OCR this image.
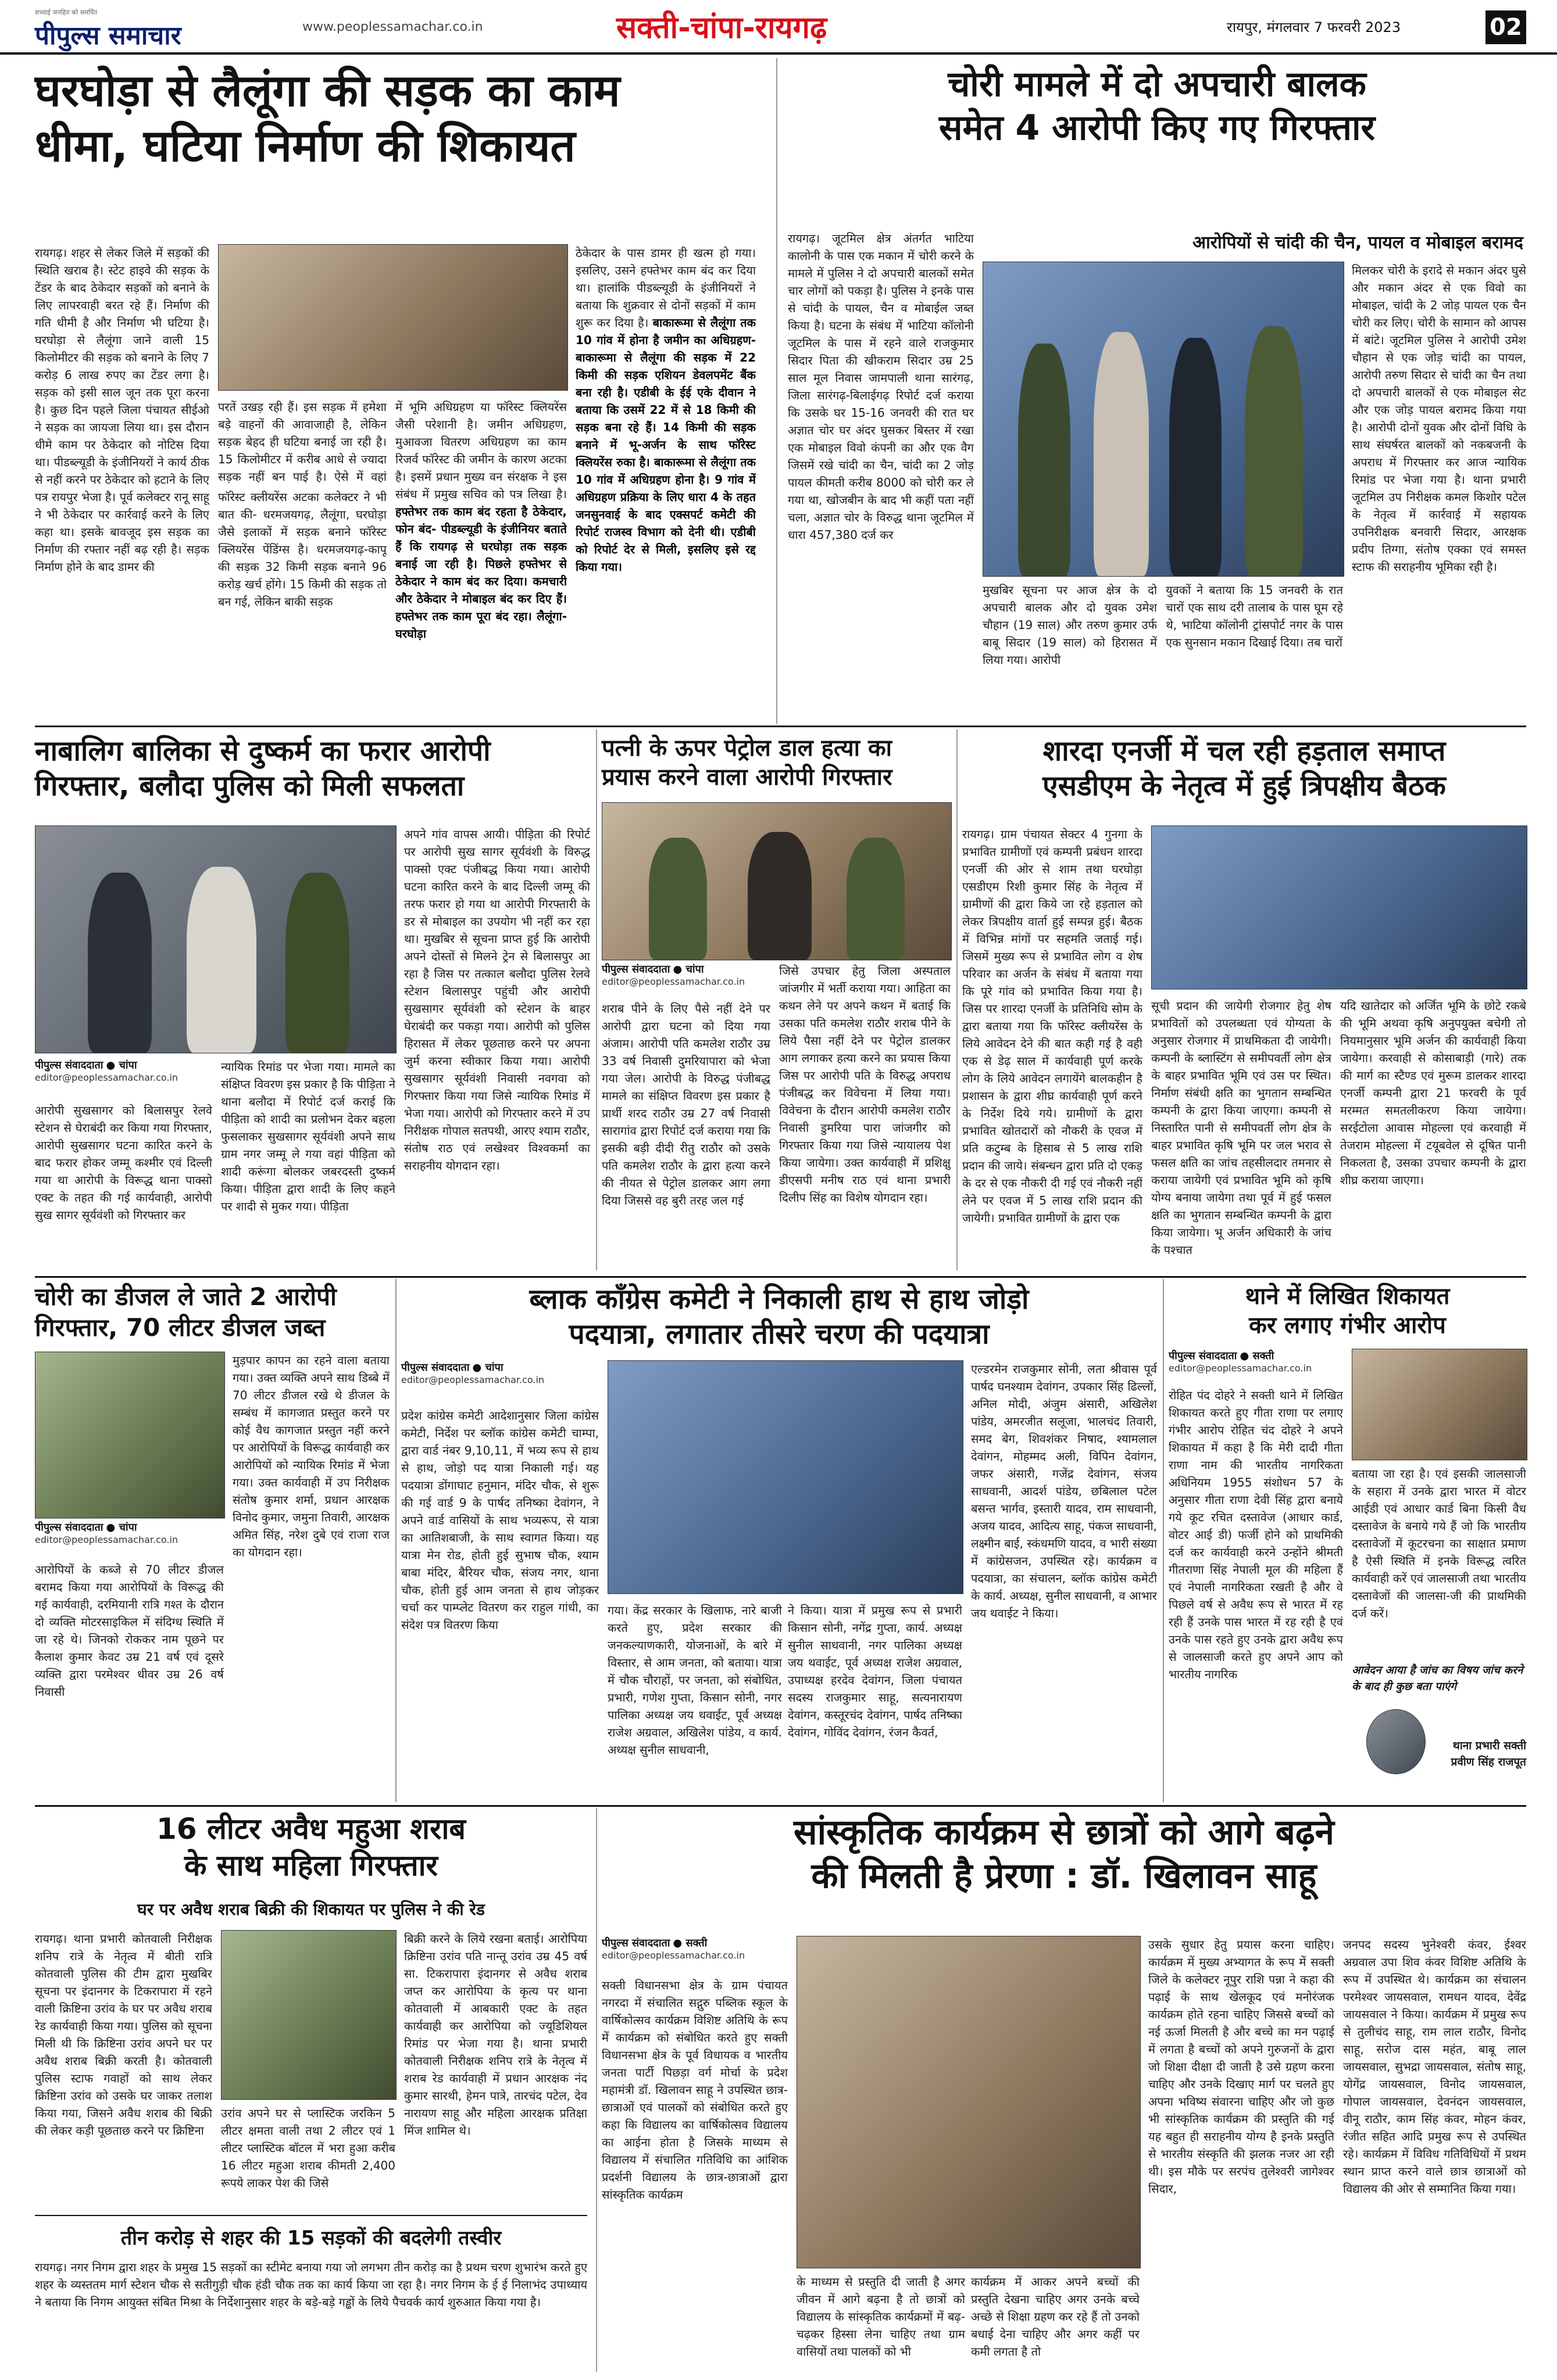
सच्चाई जनहित को समर्पित
पीपुल्स समाचार	www.peoplessamachar.co.in	सक्ती-चांपा-रायगढ़	रायपुर, मंगलवार 7 फरवरी 2023	02
घरघोड़ा से लैलूंगा की सड़क का काम
धीमा, घटिया निर्माण की शिकायत
रायगढ़। शहर से लेकर जिले में सड़कों की स्थिति खराब है। स्टेट हाइवे की सड़क के टेंडर के बाद ठेकेदार सड़कों को बनाने के लिए लापरवाही बरत रहे हैं। निर्माण की गति धीमी है और निर्माण भी घटिया है। घरघोड़ा से लैलूंगा जाने वाली 15 किलोमीटर की सड़क को बनाने के लिए 7 करोड़ 6 लाख रुपए का टेंडर लगा है। सड़क को इसी साल जून तक पूरा करना है। कुछ दिन पहले जिला पंचायत सीईओ ने सड़क का जायजा लिया था। इस दौरान धीमे काम पर ठेकेदार को नोटिस दिया था। पीडब्ल्यूडी के इंजीनियरों ने कार्य ठीक से नहीं करने पर ठेकेदार को हटाने के लिए पत्र रायपुर भेजा है। पूर्व कलेक्टर रानू साहू ने भी ठेकेदार पर कार्रवाई करने के लिए कहा था। इसके बावजूद इस सड़क का निर्माण की रफ्तार नहीं बढ़ रही है। सड़क निर्माण होने के बाद डामर की
परतें उखड़ रही हैं। इस सड़क में हमेशा बड़े वाहनों की आवाजाही है, लेकिन सड़क बेहद ही घटिया बनाई जा रही है। 15 किलोमीटर में करीब आधे से ज्यादा सड़क नहीं बन पाई है। ऐसे में वहां
फॉरेस्ट क्लीयरेंस अटका कलेक्टर ने भी बात की- धरमजयगढ़, लैलूंगा, घरघोड़ा जैसे इलाकों में सड़क बनाने फॉरेस्ट क्लियरेंस पेंडिंग्स है। धरमजयगढ़-कापू की सड़क 32 किमी सड़क बनाने 96 करोड़ खर्च होंगे। 15 किमी की सड़क तो बन गई, लेकिन बाकी सड़क
में भूमि अधिग्रहण या फॉरेस्ट क्लियरेंस जैसी परेशानी है। जमीन अधिग्रहण, मुआवजा वितरण अधिग्रहण का काम रिजर्व फॉरेस्ट की जमीन के कारण अटका है। इसमें प्रधान मुख्य वन संरक्षक ने इस संबंध में प्रमुख सचिव को पत्र लिखा है। हफ्तेभर तक काम बंद रहता है ठेकेदार, फोन बंद- पीडब्ल्यूडी के इंजीनियर बताते हैं कि रायगढ़ से घरघोड़ा तक सड़क बनाई जा रही है। पिछले हफ्तेभर से ठेकेदार ने काम बंद कर दिया। कमचारी और ठेकेदार ने मोबाइल बंद कर दिए हैं। हफ्तेभर तक काम पूरा बंद रहा। लैलूंगा-घरघोड़ा
ठेकेदार के पास डामर ही खत्म हो गया। इसलिए, उसने हफ्तेभर काम बंद कर दिया था। हालांकि पीडब्ल्यूडी के इंजीनियरों ने बताया कि शुक्रवार से दोनों सड़कों में काम शुरू कर दिया है। बाकारूमा से लैलूंगा तक 10 गांव में होना है जमीन का अधिग्रहण- बाकारूमा से लैलूंगा की सड़क में 22 किमी की सड़क एशियन डेवलपमेंट बैंक बना रही है। एडीबी के ईई एके दीवान ने बताया कि उसमें 22 में से 18 किमी की सड़क बना रहे हैं। 14 किमी की सड़क बनाने में भू-अर्जन के साथ फॉरेस्ट क्लियरेंस रुका है। बाकारूमा से लैलूंगा तक 10 गांव में अधिग्रहण होना है। 9 गांव में अधिग्रहण प्रक्रिया के लिए धारा 4 के तहत जनसुनवाई के बाद एक्सपर्ट कमेटी की रिपोर्ट राजस्व विभाग को देनी थी। एडीबी को रिपोर्ट देर से मिली, इसलिए इसे रद्द किया गया।
चोरी मामले में दो अपचारी बालक
समेत 4 आरोपी किए गए गिरफ्तार
आरोपियों से चांदी की चैन, पायल व मोबाइल बरामद
रायगढ़। जूटमिल क्षेत्र अंतर्गत भाटिया कालोनी के पास एक मकान में चोरी करने के मामले में पुलिस ने दो अपचारी बालकों समेत चार लोगों को पकड़ा है। पुलिस ने इनके पास से चांदी के पायल, चैन व मोबाईल जब्त किया है। घटना के संबंध में भाटिया कॉलोनी जूटमिल के पास में रहने वाले राजकुमार सिदार पिता की खीकराम सिदार उम्र 25 साल मूल निवास जामपाली थाना सारंगढ़, जिला सारंगढ़-बिलाईगढ़ रिपोर्ट दर्ज कराया कि उसके घर 15-16 जनवरी की रात घर अज्ञात चोर घर अंदर घुसकर बिस्तर में रखा एक मोबाइल विवो कंपनी का और एक वैग जिसमें रखे चांदी का चैन, चांदी का 2 जोड़ पायल कीमती करीब 8000 को चोरी कर ले गया था, खोजबीन के बाद भी कहीं पता नहीं चला, अज्ञात चोर के विरुद्ध थाना जूटमिल में धारा 457,380 दर्ज कर
मुखबिर सूचना पर आज क्षेत्र के दो अपचारी बालक और दो युवक उमेश चौहान (19 साल) और तरुण कुमार उर्फ बाबू सिदार (19 साल) को हिरासत में लिया गया। आरोपी
युवकों ने बताया कि 15 जनवरी के रात चारों एक साथ दरी तालाब के पास घूम रहे थे, भाटिया कॉलोनी ट्रांसपोर्ट नगर के पास एक सुनसान मकान दिखाई दिया। तब चारों
मिलकर चोरी के इरादे से मकान अंदर घुसे और मकान अंदर से एक विवो का मोबाइल, चांदी के 2 जोड़ पायल एक चैन चोरी कर लिए। चोरी के सामान को आपस में बांटे। जूटमिल पुलिस ने आरोपी उमेश चौहान से एक जोड़ चांदी का पायल, आरोपी तरुण सिदार से चांदी का चैन तथा दो अपचारी बालकों से एक मोबाइल सेट और एक जोड़ पायल बरामद किया गया है। आरोपी दोनों युवक और दोनों विधि के साथ संघर्षरत बालकों को नकबजनी के अपराध में गिरफ्तार कर आज न्यायिक रिमांड पर भेजा गया है। थाना प्रभारी जूटमिल उप निरीक्षक कमल किशोर पटेल के नेतृत्व में कार्रवाई में सहायक उपनिरीक्षक बनवारी सिदार, आरक्षक प्रदीप तिग्गा, संतोष एक्का एवं समस्त स्टाफ की सराहनीय भूमिका रही है।
नाबालिग बालिका से दुष्कर्म का फरार आरोपी
गिरफ्तार, बलौदा पुलिस को मिली सफलता
पीपुल्स संवाददाता ● चांपा
editor@peoplessamachar.co.in
आरोपी सुखसागर को बिलासपुर रेलवे स्टेशन से घेराबंदी कर किया गया गिरफ्तार, आरोपी सुखसागर घटना कारित करने के बाद फरार होकर जम्मू कश्मीर एवं दिल्ली गया था आरोपी के विरूद्ध थाना पाक्सो एक्ट के तहत की गई कार्यवाही, आरोपी सुख सागर सूर्यवंशी को गिरफ्तार कर
न्यायिक रिमांड पर भेजा गया। मामले का संक्षिप्त विवरण इस प्रकार है कि पीड़िता ने थाना बलौदा में रिपोर्ट दर्ज कराई कि पीड़िता को शादी का प्रलोभन देकर बहला फुसलाकर सुखसागर सूर्यवंशी अपने साथ ग्राम नगर जम्मू ले गया वहां पीड़िता को शादी करूंगा बोलकर जबरदस्ती दुष्कर्म किया। पीड़िता द्वारा शादी के लिए कहने पर शादी से मुकर गया। पीड़िता
अपने गांव वापस आयी। पीड़िता की रिपोर्ट पर आरोपी सुख सागर सूर्यवंशी के विरुद्ध पाक्सो एक्ट पंजीबद्ध किया गया। आरोपी घटना कारित करने के बाद दिल्ली जम्मू की तरफ फरार हो गया था आरोपी गिरफ्तारी के डर से मोबाइल का उपयोग भी नहीं कर रहा था। मुखबिर से सूचना प्राप्त हुई कि आरोपी अपने दोस्तों से मिलने ट्रेन से बिलासपुर आ रहा है जिस पर तत्काल बलौदा पुलिस रेलवे स्टेशन बिलासपुर पहुंची और आरोपी सुखसागर सूर्यवंशी को स्टेशन के बाहर घेराबंदी कर पकड़ा गया। आरोपी को पुलिस हिरासत में लेकर पूछताछ करने पर अपना जुर्म करना स्वीकार किया गया। आरोपी सुखसागर सूर्यवंशी निवासी नवगवा को गिरफ्तार किया गया जिसे न्यायिक रिमांड में भेजा गया। आरोपी को गिरफ्तार करने में उप निरीक्षक गोपाल सतपथी, आरए श्याम राठौर, संतोष राठ एवं लखेश्वर विश्वकर्मा का सराहनीय योगदान रहा।
पत्नी के ऊपर पेट्रोल डाल हत्या का
प्रयास करने वाला आरोपी गिरफ्तार
पीपुल्स संवाददाता ● चांपा
editor@peoplessamachar.co.in
शराब पीने के लिए पैसे नहीं देने पर आरोपी द्वारा घटना को दिया गया अंजाम। आरोपी पति कमलेश राठौर उम्र 33 वर्ष निवासी दुमरियापारा को भेजा गया जेल। आरोपी के विरुद्ध पंजीबद्ध मामले का संक्षिप्त विवरण इस प्रकार है प्रार्थी शरद राठौर उम्र 27 वर्ष निवासी सारागांव द्वारा रिपोर्ट दर्ज कराया गया कि इसकी बड़ी दीदी रीतु राठौर को उसके पति कमलेश राठौर के द्वारा हत्या करने की नीयत से पेट्रोल डालकर आग लगा दिया जिससे वह बुरी तरह जल गई
जिसे उपचार हेतु जिला अस्पताल जांजगीर में भर्ती कराया गया। आहिता का कथन लेने पर अपने कथन में बताई कि उसका पति कमलेश राठौर शराब पीने के लिये पैसा नहीं देने पर पेट्रोल डालकर आग लगाकर हत्या करने का प्रयास किया जिस पर आरोपी पति के विरुद्ध अपराध पंजीबद्ध कर विवेचना में लिया गया। विवेचना के दौरान आरोपी कमलेश राठौर निवासी डुमरिया पारा जांजगीर को गिरफ्तार किया गया जिसे न्यायालय पेश किया जायेगा। उक्त कार्यवाही में प्रशिक्षु डीएसपी मनीष राठ एवं थाना प्रभारी दिलीप सिंह का विशेष योगदान रहा।
शारदा एनर्जी में चल रही हड़ताल समाप्त
एसडीएम के नेतृत्व में हुई त्रिपक्षीय बैठक
रायगढ़। ग्राम पंचायत सेक्टर 4 गुनगा के प्रभावित ग्रामीणों एवं कम्पनी प्रबंधन शारदा एनर्जी की ओर से शाम तथा घरघोड़ा एसडीएम रिशी कुमार सिंह के नेतृत्व में ग्रामीणों की द्वारा किये जा रहे हड़ताल को लेकर त्रिपक्षीय वार्ता हुई सम्पन्न हुई। बैठक में विभिन्न मांगों पर सहमति जताई गई। जिसमें मुख्य रूप से प्रभावित लोग व शेष परिवार का अर्जन के संबंध में बताया गया कि पूरे गांव को प्रभावित किया गया है। जिस पर शारदा एनर्जी के प्रतिनिधि सोम के द्वारा बताया गया कि फॉरेस्ट क्लीयरेंस के लिये आवेदन देने की बात कही गई है वही एक से डेढ़ साल में कार्यवाही पूर्ण करके लोग के लिये आवेदन लगायेंगे बालकहीन है प्रशासन के द्वारा शीघ्र कार्यवाही पूर्ण करने के निर्देश दिये गये। ग्रामीणों के द्वारा प्रभावित खोतदारों को नौकरी के एवज में प्रति कटुम्ब के हिसाब से 5 लाख राशि प्रदान की जाये। संबन्धन द्वारा प्रति दो एकड़ के दर से एक नौकरी दी गई एवं नौकरी नहीं लेने पर एवज में 5 लाख राशि प्रदान की जायेगी। प्रभावित ग्रामीणों के द्वारा एक
सूची प्रदान की जायेगी रोजगार हेतु शेष प्रभावितों को उपलब्धता एवं योग्यता के अनुसार रोजगार में प्राथमिकता दी जायेगी। कम्पनी के ब्लास्टिंग से समीपवर्ती लोग क्षेत्र के बाहर प्रभावित भूमि एवं उस पर स्थित। निर्माण संबंधी क्षति का भुगतान सम्बन्धित कम्पनी के द्वारा किया जाएगा। कम्पनी से निस्तारित पानी से समीपवर्ती लोग क्षेत्र के बाहर प्रभावित कृषि भूमि पर जल भराव से फसल क्षति का जांच तहसीलदार तमनार से कराया जायेगी एवं प्रभावित भूमि को कृषि योग्य बनाया जायेगा तथा पूर्व में हुई फसल क्षति का भुगतान सम्बन्धित कम्पनी के द्वारा किया जायेगा। भू अर्जन अधिकारी के जांच के पश्चात
यदि खातेदार को अर्जित भूमि के छोटे रकबे की भूमि अथवा कृषि अनुपयुक्त बचेगी तो नियमानुसार भूमि अर्जन की कार्यवाही किया जायेगा। करवाही से कोसाबाड़ी (गारे) तक की मार्ग का स्टैण्ड एवं मुरूम डालकर शारदा एनर्जी कम्पनी द्वारा 21 फरवरी के पूर्व मरम्मत समतलीकरण किया जायेगा। सरईटोला आवास मोहल्ला एवं करवाही में तेजराम मोहल्ला में टयूबवेल से दूषित पानी निकलता है, उसका उपचार कम्पनी के द्वारा शीघ्र कराया जाएगा।
चोरी का डीजल ले जाते 2 आरोपी
गिरफ्तार, 70 लीटर डीजल जब्त
पीपुल्स संवाददाता ● चांपा
editor@peoplessamachar.co.in
आरोपियों के कब्जे से 70 लीटर डीजल बरामद किया गया आरोपियों के विरूद्ध की गई कार्यवाही, दरमियानी रात्रि गश्त के दौरान दो व्यक्ति मोटरसाइकिल में संदिग्ध स्थिति में जा रहे थे। जिनको रोककर नाम पूछने पर कैलाश कुमार केवट उम्र 21 वर्ष एवं दूसरे व्यक्ति द्वारा परमेश्वर धीवर उम्र 26 वर्ष निवासी
मुड़पार कापन का रहने वाला बताया गया। उक्त व्यक्ति अपने साथ डिब्बे में 70 लीटर डीजल रखे थे डीजल के सम्बंध में कागजात प्रस्तुत करने पर कोई वैध कागजात प्रस्तुत नहीं करने पर आरोपियों के विरूद्ध कार्यवाही कर आरोपियों को न्यायिक रिमांड में भेजा गया। उक्त कार्यवाही में उप निरीक्षक संतोष कुमार शर्मा, प्रधान आरक्षक विनोद कुमार, जमुना तिवारी, आरक्षक अमित सिंह, नरेश दुबे एवं राजा राज का योगदान रहा।
ब्लाक कॉंग्रेस कमेटी ने निकाली हाथ से हाथ जोड़ो
पदयात्रा, लगातार तीसरे चरण की पदयात्रा
पीपुल्स संवाददाता ● चांपा
editor@peoplessamachar.co.in
प्रदेश कांग्रेस कमेटी आदेशानुसार जिला कांग्रेस कमेटी, निर्देश पर ब्लॉक कांग्रेस कमेटी चाम्पा, द्वारा वार्ड नंबर 9,10,11, में भव्य रूप से हाथ से हाथ, जोड़ो पद यात्रा निकाली गई। यह पदयात्रा डोंगाघाट हनुमान, मंदिर चौक, से शुरू की गई वार्ड 9 के पार्षद तनिष्का देवांगन, ने अपने वार्ड वासियों के साथ भव्यरूप, से यात्रा का आतिशबाजी, के साथ स्वागत किया। यह यात्रा मेन रोड, होती हुई सुभाष चौक, श्याम बाबा मंदिर, बैरियर चौक, संजय नगर, थाना चौक, होती हुई आम जनता से हाथ जोड़कर चर्चा कर पाम्प्लेट वितरण कर राहुल गांधी, का संदेश पत्र वितरण किया
गया। केंद्र सरकार के खिलाफ, नारे बाजी करते हुए, प्रदेश सरकार की जनकल्याणकारी, योजनाओं, के बारे में विस्तार, से आम जनता, को बताया। यात्रा में चौक चौराहों, पर जनता, को संबोधित, प्रभारी, गणेश गुप्ता, किसान सोनी, नगर पालिका अध्यक्ष जय थवाईट, पूर्व अध्यक्ष राजेश अग्रवाल, अखिलेश पांडेय, व कार्य. अध्यक्ष सुनील साधवानी,
ने किया। यात्रा में प्रमुख रूप से प्रभारी किसान सोनी, नगेंद्र गुप्ता, कार्य. अध्यक्ष सुनील साधवानी, नगर पालिका अध्यक्ष जय थवाईट, पूर्व अध्यक्ष राजेश अग्रवाल, उपाध्यक्ष हरदेव देवांगन, जिला पंचायत सदस्य राजकुमार साहू, सत्यनारायण देवांगन, कस्तूरचंद देवांगन, पार्षद तनिष्का देवांगन, गोविंद देवांगन, रंजन कैवर्त,
एल्डरमेन राजकुमार सोनी, लता श्रीवास पूर्व पार्षद घनश्याम देवांगन, उपकार सिंह ढिल्लों, अनिल मोदी, अंजुम अंसारी, अखिलेश पांडेय, अमरजीत सलूजा, भालचंद तिवारी, समद बेग, शिवशंकर निषाद, श्यामलाल देवांगन, मोहम्मद अली, विपिन देवांगन, जफर अंसारी, गजेंद्र देवांगन, संजय साधवानी, आदर्श पांडेय, छबिलाल पटेल बसन्त भार्गव, इस्तारी यादव, राम साधवानी, अजय यादव, आदित्य साहू, पंकज साधवानी, लक्ष्मीन बाई, स्कंधमणि यादव, व भारी संख्या में कांग्रेसजन, उपस्थित रहे। कार्यक्रम व पदयात्रा, का संचालन, ब्लॉक कांग्रेस कमेटी के कार्य. अध्यक्ष, सुनील साधवानी, व आभार जय थवाईट ने किया।
थाने में लिखित शिकायत
कर लगाए गंभीर आरोप
पीपुल्स संवाददाता ● सक्ती
editor@peoplessamachar.co.in
रोहित पंद दोहरे ने सक्ती थाने में लिखित शिकायत करते हुए गीता राणा पर लगाए गंभीर आरोप रोहित चंद दोहरे ने अपने शिकायत में कहा है कि मेरी दादी गीता राणा नाम की भारतीय नागरिकता अधिनियम 1955 संशोधन 57 के अनुसार गीता राणा देवी सिंह द्वारा बनाये गये कूट रचित दस्तावेज (आधार कार्ड, वोटर आई डी) फर्जी होने को प्राथमिकी दर्ज कर कार्यवाही करने उन्होंने श्रीमती गीतराणा सिंह नेपाली मूल की महिला हैं एवं नेपाली नागरिकता रखती है और वे पिछले वर्ष से अवैध रूप से भारत में रह रही हैं उनके पास भारत में रह रही है एवं उनके पास रहते हुए उनके द्वारा अवैध रूप से जालसाजी करते हुए अपने आप को भारतीय नागरिक
बताया जा रहा है। एवं इसकी जालसाजी के सहारा में उनके द्वारा भारत में वोटर आईडी एवं आधार कार्ड बिना किसी वैध दस्तावेज के बनाये गये हैं जो कि भारतीय दस्तावेजों में कूटरचना का साक्षात प्रमाण है ऐसी स्थिति में इनके विरूद्ध त्वरित कार्यवाही करें एवं जालसाजी तथा भारतीय दस्तावेजों की जालसा-जी की प्राथमिकी दर्ज करें।
आवेदन आया है जांच का विषय जांच करने के बाद ही कुछ बता पाएंगे
थाना प्रभारी सक्ती
प्रवीण सिंह राजपूत
16 लीटर अवैध महुआ शराब
के साथ महिला गिरफ्तार
घर पर अवैध शराब बिक्री की शिकायत पर पुलिस ने की रेड
रायगढ़। थाना प्रभारी कोतवाली निरीक्षक शनिप रात्रे के नेतृत्व में बीती रात्रि कोतवाली पुलिस की टीम द्वारा मुखबिर सूचना पर इंदानगर के टिकरापारा में रहने वाली क्रिष्टिना उरांव के घर पर अवैध शराब रेड कार्यवाही किया गया। पुलिस को सूचना मिली थी कि क्रिष्टिना उरांव अपने घर पर अवैध शराब बिक्री करती है। कोतवाली पुलिस स्टाफ गवाहों को साथ लेकर क्रिष्टिना उरांव को उसके घर जाकर तलाश किया गया, जिसने अवैध शराब की बिक्री की लेकर कड़ी पूछताछ करने पर क्रिष्टिना
उरांव अपने घर से प्लास्टिक जरकिन 5 लीटर क्षमता वाली तथा 2 लीटर एवं 1 लीटर प्लास्टिक बॉटल में भरा हुआ करीब 16 लीटर महुआ शराब कीमती 2,400 रूपये लाकर पेश की जिसे
बिक्री करने के लिये रखना बताई। आरोपिया क्रिष्टिना उरांव पति नान्तू उरांव उम्र 45 वर्ष सा. टिकरापारा इंदानगर से अवैध शराब जप्त कर आरोपिया के कृत्य पर थाना कोतवाली में आबकारी एक्ट के तहत कार्यवाही कर आरोपिया को ज्यूडिशियल रिमांड पर भेजा गया है। थाना प्रभारी कोतवाली निरीक्षक शनिप रात्रे के नेतृत्व में शराब रेड कार्यवाही में प्रधान आरक्षक नंद कुमार सारथी, हेमन पात्रे, तारचंद पटेल, देव नारायण साहू और महिला आरक्षक प्रतिक्षा मिंज शामिल थे।
तीन करोड़ से शहर की 15 सड़कों की बदलेगी तस्वीर
रायगढ़। नगर निगम द्वारा शहर के प्रमुख 15 सड़कों का स्टीमेट बनाया गया जो लगभग तीन करोड़ का है प्रथम चरण शुभारंभ करते हुए शहर के व्यस्ततम मार्ग स्टेशन चौक से सतीगुड़ी चौक हंडी चौक तक का कार्य किया जा रहा है। नगर निगम के ई ई निलाभंद उपाध्याय ने बताया कि निगम आयुक्त संबित मिश्रा के निर्देशानुसार शहर के बड़े-बड़े गड्ढों के लिये पैचवर्क कार्य शुरुआत किया गया है।
सांस्कृतिक कार्यक्रम से छात्रों को आगे बढ़ने
की मिलती है प्रेरणा : डॉ. खिलावन साहू
पीपुल्स संवाददाता ● सक्ती
editor@peoplessamachar.co.in
सक्ती विधानसभा क्षेत्र के ग्राम पंचायत नगरदा में संचालित सद्गुरु पब्लिक स्कूल के वार्षिकोत्सव कार्यक्रम विशिष्ट अतिथि के रूप में कार्यक्रम को संबोधित करते हुए सक्ती विधानसभा क्षेत्र के पूर्व विधायक व भारतीय जनता पार्टी पिछड़ा वर्ग मोर्चा के प्रदेश महामंत्री डॉ. खिलावन साहू ने उपस्थित छात्र-छात्राओं एवं पालकों को संबोधित करते हुए कहा कि विद्यालय का वार्षिकोत्सव विद्यालय का आईना होता है जिसके माध्यम से विद्यालय में संचालित गतिविधि का आंशिक प्रदर्शनी विद्यालय के छात्र-छात्राओं द्वारा सांस्कृतिक कार्यक्रम
के माध्यम से प्रस्तुति दी जाती है अगर जीवन में आगे बढ़ना है तो छात्रों को विद्यालय के सांस्कृतिक कार्यक्रमों में बढ़-चढ़कर हिस्सा लेना चाहिए तथा ग्राम वासियों तथा पालकों को भी
कार्यक्रम में आकर अपने बच्चों की प्रस्तुति देखना चाहिए अगर उनके बच्चे अच्छे से शिक्षा ग्रहण कर रहे हैं तो उनको बधाई देना चाहिए और अगर कहीं पर कमी लगता है तो
उसके सुधार हेतु प्रयास करना चाहिए। कार्यक्रम में मुख्य अभ्यागत के रूप में सक्ती जिले के कलेक्टर नूपुर राशि पन्ना ने कहा की पढ़ाई के साथ खेलकूद एवं मनोरंजक कार्यक्रम होते रहना चाहिए जिससे बच्चों को नई ऊर्जा मिलती है और बच्चे का मन पढ़ाई में लगता है बच्चों को अपने गुरुजनों के द्वारा जो शिक्षा दीक्षा दी जाती है उसे ग्रहण करना चाहिए और उनके दिखाए मार्ग पर चलते हुए अपना भविष्य संवारना चाहिए और जो कुछ भी सांस्कृतिक कार्यक्रम की प्रस्तुति की गई यह बहुत ही सराहनीय योग्य है इनके प्रस्तुति से भारतीय संस्कृति की झलक नजर आ रही थी। इस मौके पर सरपंच तुलेश्वरी जागेश्वर सिदार,
जनपद सदस्य भुनेश्वरी कंवर, ईश्वर अग्रवाल उपा शिव कंवर विशिष्ट अतिथि के रूप में उपस्थित थे। कार्यक्रम का संचालन परमेश्वर जायसवाल, रामधन यादव, देवेंद्र जायसवाल ने किया। कार्यक्रम में प्रमुख रूप से तुलीचंद साहू, राम लाल राठौर, विनोद साहू, सरोज दास महंत, बाबू लाल जायसवाल, सुभद्रा जायसवाल, संतोष साहू, योगेंद्र जायसवाल, विनोद जायसवाल, गोपाल जायसवाल, देवनंदन जायसवाल, वीनू राठौर, काम सिंह कंवर, मोहन कंवर, रंजीत सहित आदि प्रमुख रूप से उपस्थित रहे। कार्यक्रम में विविध गतिविधियों में प्रथम स्थान प्राप्त करने वाले छात्र छात्राओं को विद्यालय की ओर से सम्मानित किया गया।
